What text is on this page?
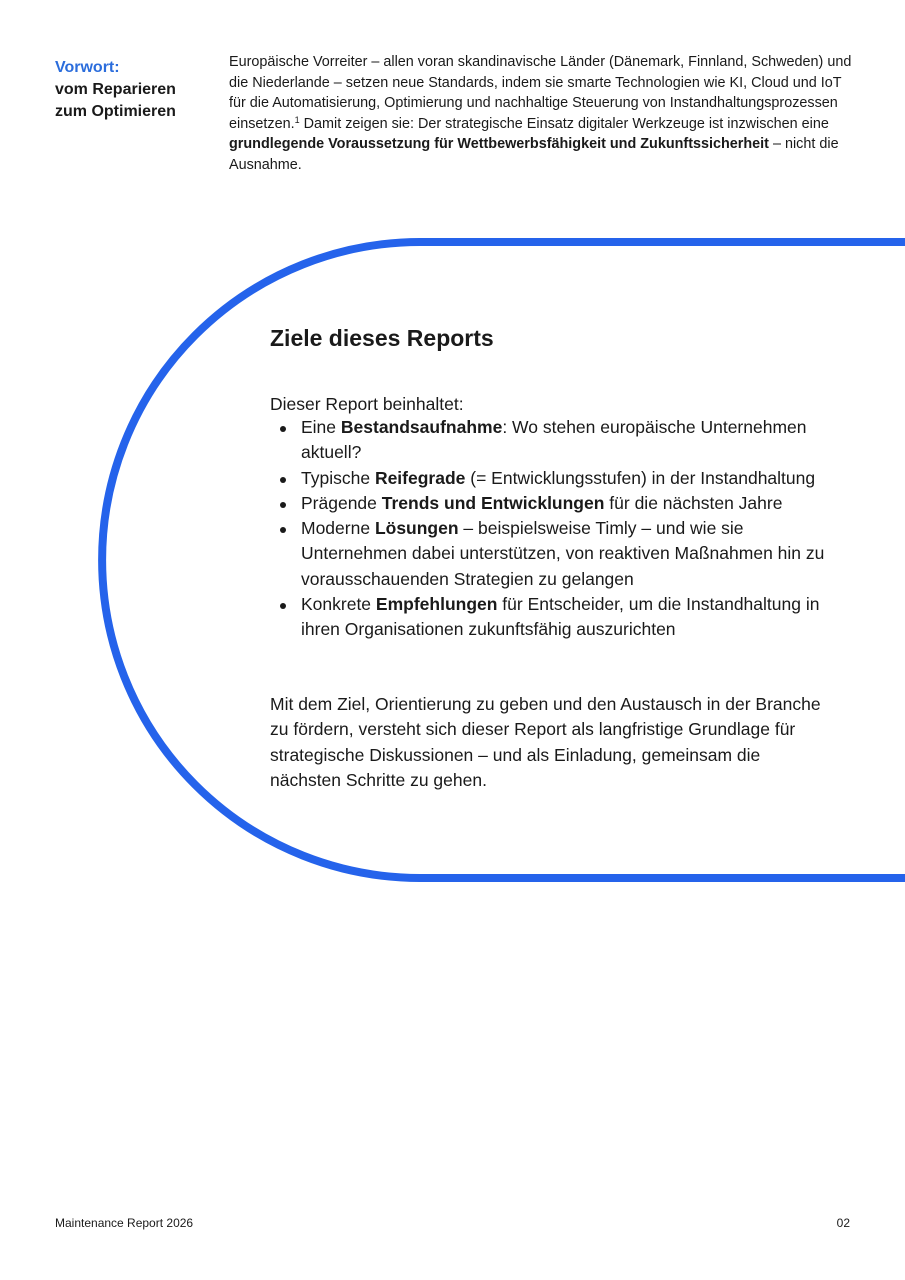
Vorwort:
vom Reparieren
zum Optimieren
Europäische Vorreiter – allen voran skandinavische Länder (Dänemark, Finnland, Schweden) und die Niederlande – setzen neue Standards, indem sie smarte Technologien wie KI, Cloud und IoT für die Automatisierung, Optimierung und nachhaltige Steuerung von Instandhaltungsprozessen einsetzen.$^1$ Damit zeigen sie: Der strategische Einsatz digitaler Werkzeuge ist inzwischen eine grundlegende Voraussetzung für Wettbewerbsfähigkeit und Zukunftssicherheit – nicht die Ausnahme.
Ziele dieses Reports
Dieser Report beinhaltet:
Eine Bestandsaufnahme: Wo stehen europäische Unternehmen aktuell?
Typische Reifegrade (= Entwicklungsstufen) in der Instandhaltung
Prägende Trends und Entwicklungen für die nächsten Jahre
Moderne Lösungen – beispielsweise Timly – und wie sie Unternehmen dabei unterstützen, von reaktiven Maßnahmen hin zu vorausschauenden Strategien zu gelangen
Konkrete Empfehlungen für Entscheider, um die Instandhaltung in ihren Organisationen zukunftsfähig auszurichten

Mit dem Ziel, Orientierung zu geben und den Austausch in der Branche zu fördern, versteht sich dieser Report als langfristige Grundlage für strategische Diskussionen – und als Einladung, gemeinsam die nächsten Schritte zu gehen.

Maintenance Report 2026	02
